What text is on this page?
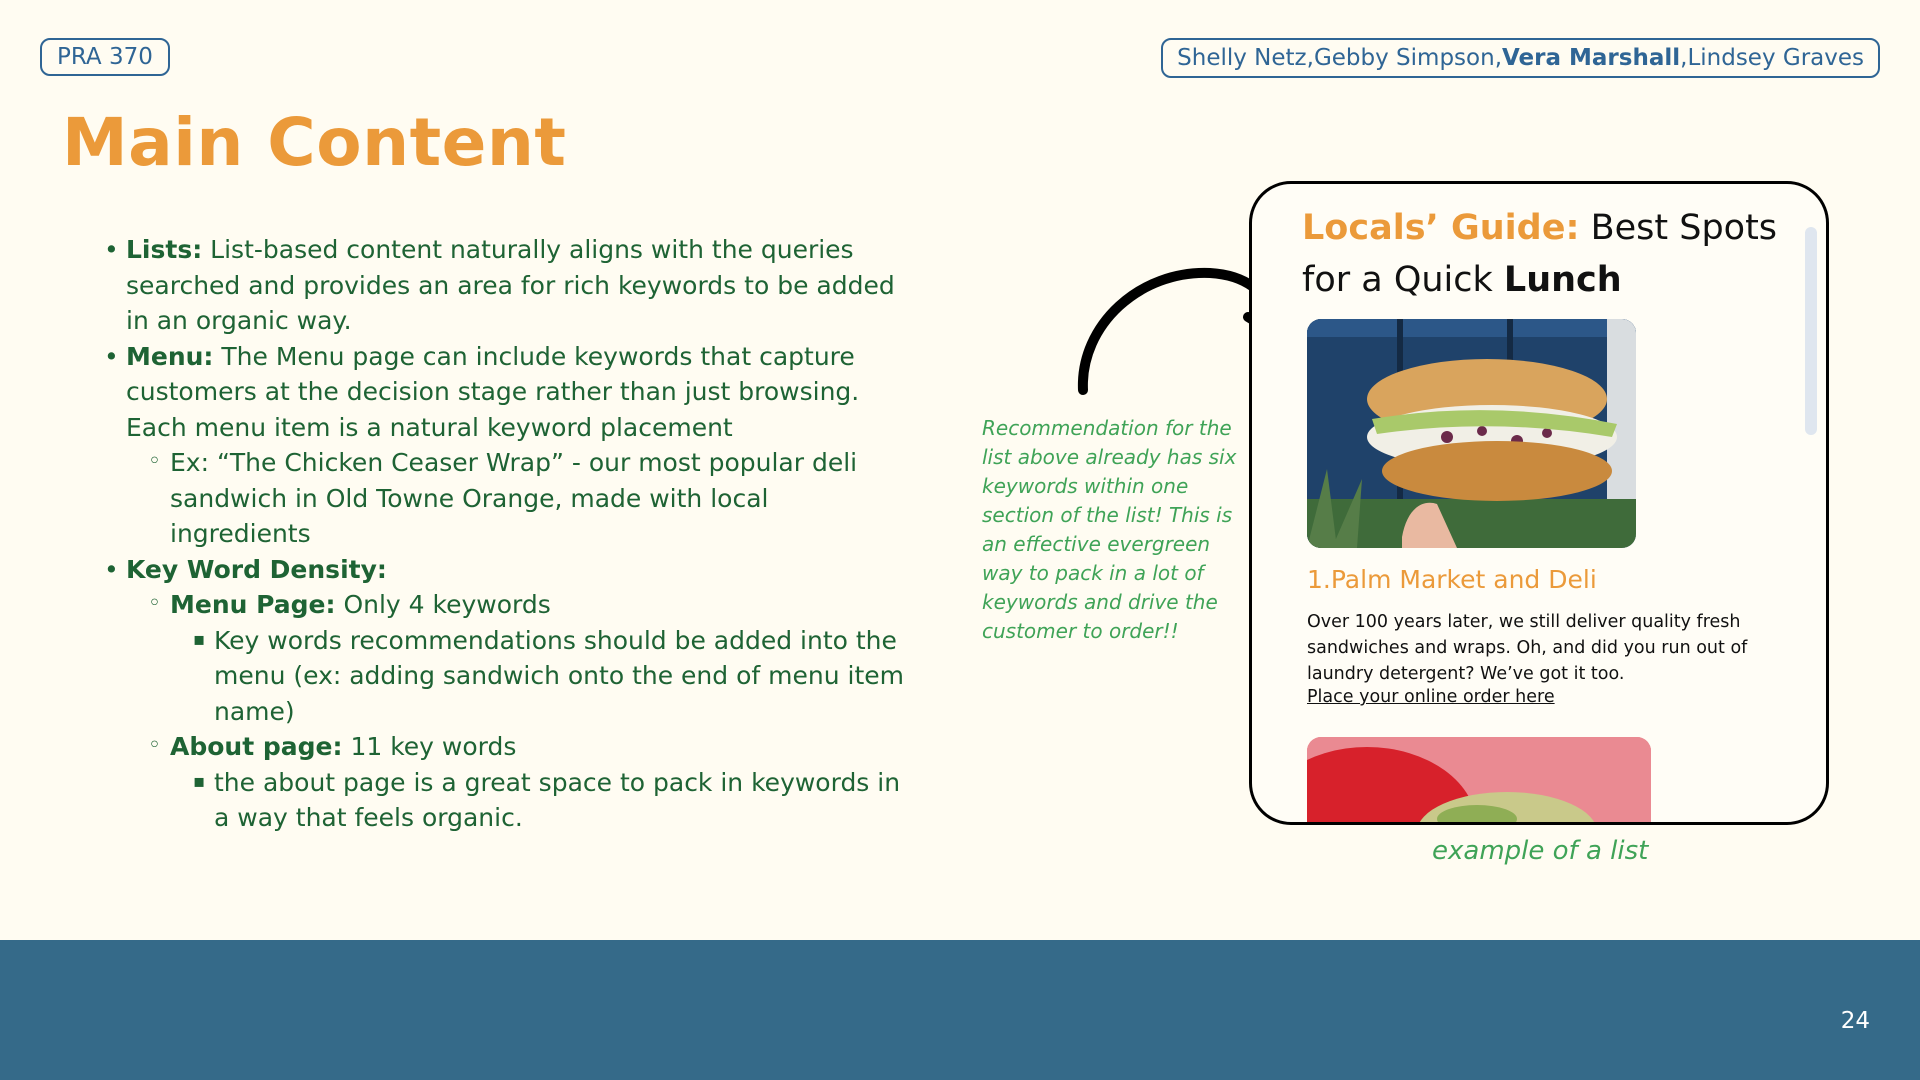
PRA 370	Shelly Netz , Gebby Simpson , Vera Marshall , Lindsey Graves
Main Content
• Lists: List-based content naturally aligns with the queries searched and provides an area for rich keywords to be added in an organic way.
• Menu: The Menu page can include keywords that capture customers at the decision stage rather than just browsing. Each menu item is a natural keyword placement
◦ Ex: “The Chicken Ceaser Wrap” - our most popular deli sandwich in Old Towne Orange, made with local ingredients
• Key Word Density:
◦ Menu Page: Only 4 keywords
▪ Key words recommendations should be added into the menu (ex: adding sandwich onto the end of menu item name)
◦ About page: 11 key words
▪ the about page is a great space to pack in keywords in a way that feels organic.
Recommendation for the list above already has six keywords within one section of the list! This is an effective evergreen way to pack in a lot of keywords and drive the customer to order!!
Locals’ Guide: Best Spots for a Quick Lunch
1.Palm Market and Deli
Over 100 years later, we still deliver quality fresh sandwiches and wraps. Oh, and did you run out of laundry detergent? We’ve got it too.
Place your online order here
example of a list
24
